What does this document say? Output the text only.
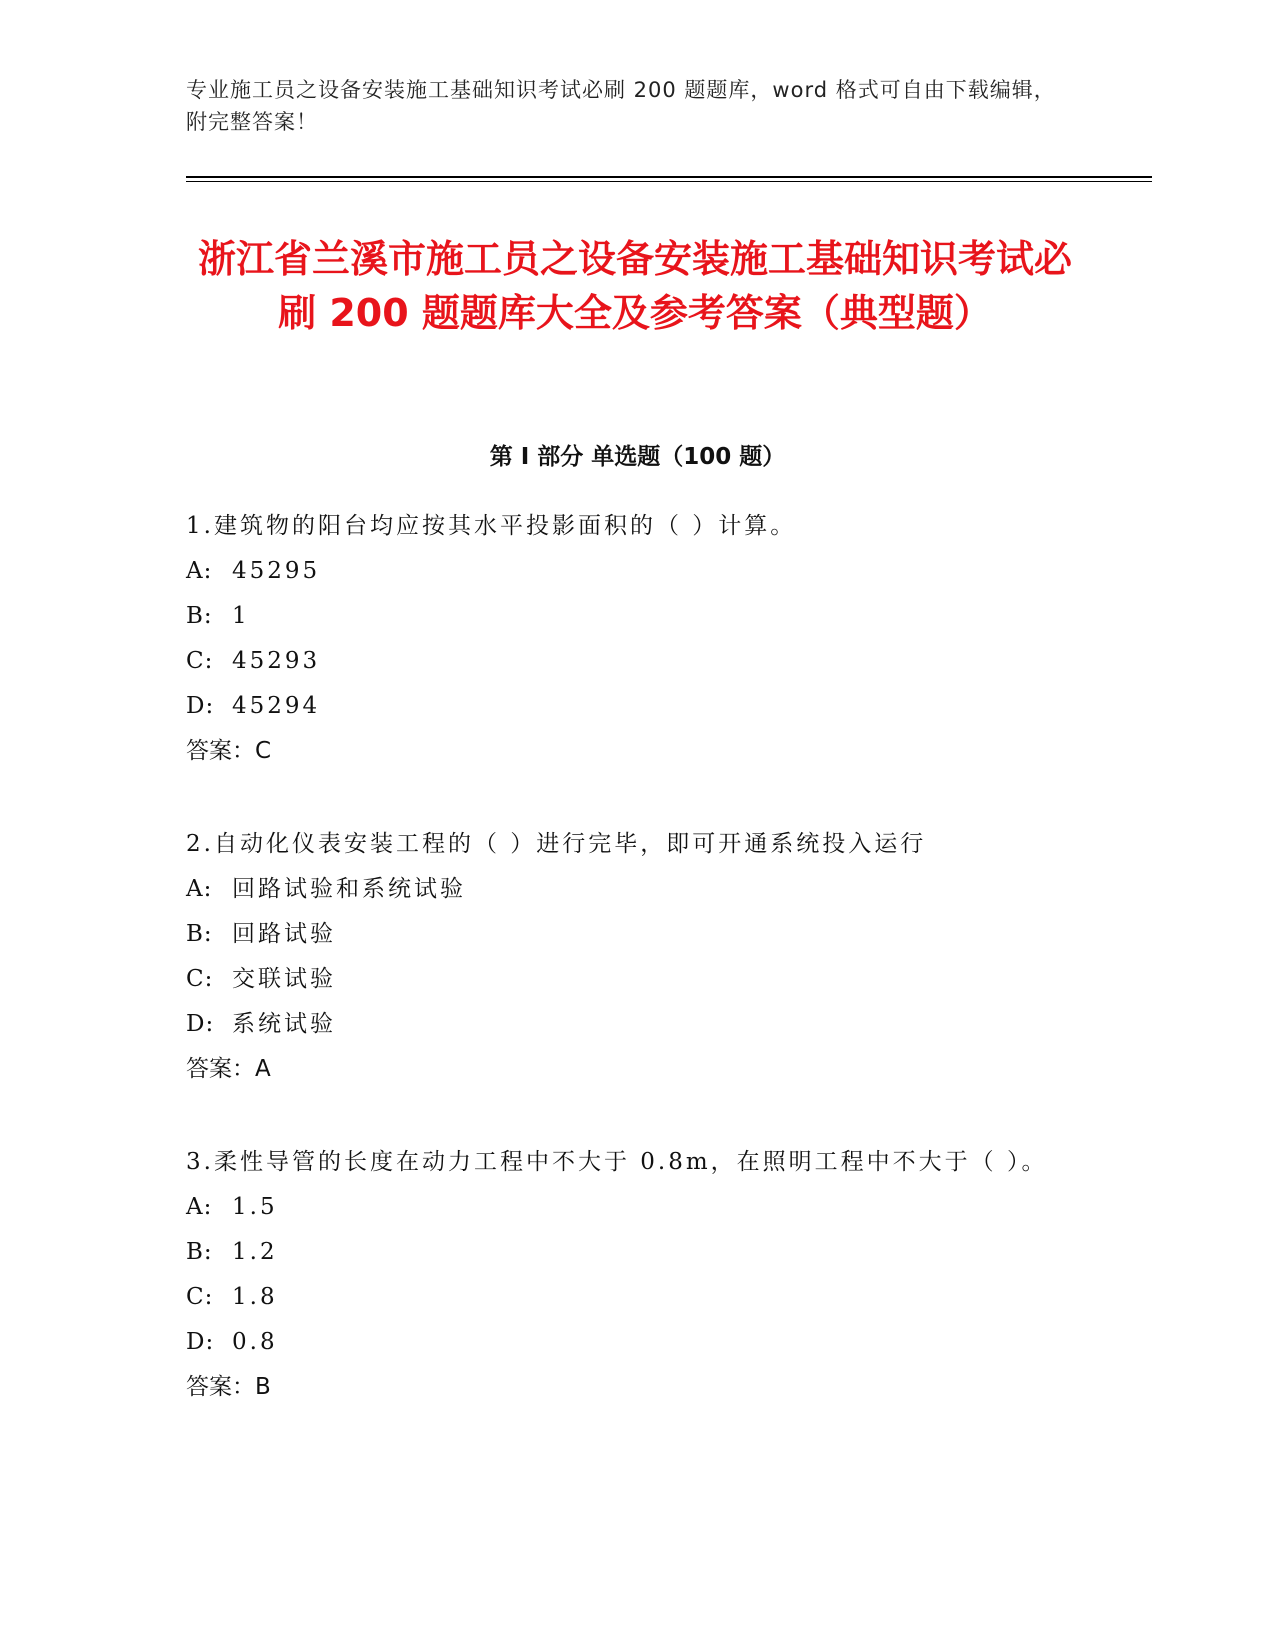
专业施工员之设备安装施工基础知识考试必刷 200 题题库，word 格式可自由下载编辑，附完整答案！
浙江省兰溪市施工员之设备安装施工基础知识考试必刷 200 题题库大全及参考答案（典型题）
第 I 部分 单选题（100 题）

1.建筑物的阳台均应按其水平投影面积的（ ）计算。

A: 45295

B: 1

C: 45293

D: 45294

答案：C

2.自动化仪表安装工程的（ ）进行完毕，即可开通系统投入运行

A: 回路试验和系统试验

B: 回路试验

C: 交联试验

D: 系统试验

答案：A

3.柔性导管的长度在动力工程中不大于 0.8m，在照明工程中不大于（ ）。

A: 1.5

B: 1.2

C: 1.8

D: 0.8

答案：B
